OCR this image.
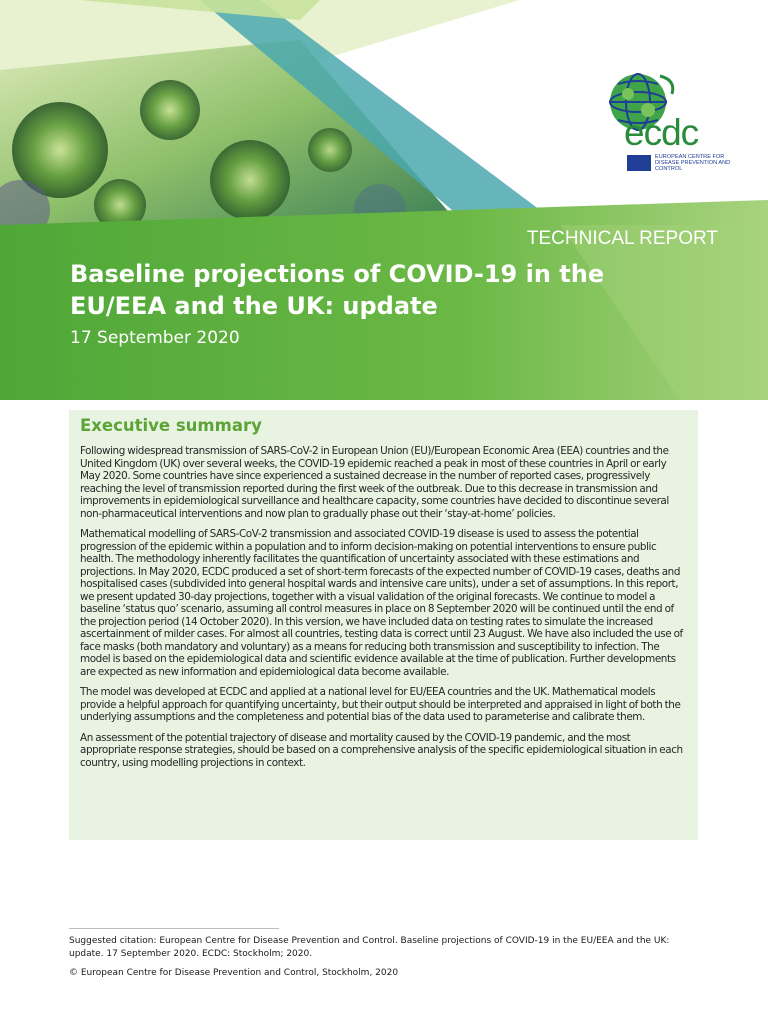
ecdc
EUROPEAN CENTRE FOR DISEASE PREVENTION AND CONTROL
TECHNICAL REPORT
Baseline projections of COVID-19 in the EU/EEA and the UK: update
17 September 2020
Executive summary

Following widespread transmission of SARS-CoV-2 in European Union (EU)/European Economic Area (EEA) countries and the United Kingdom (UK) over several weeks, the COVID-19 epidemic reached a peak in most of these countries in April or early May 2020. Some countries have since experienced a sustained decrease in the number of reported cases, progressively reaching the level of transmission reported during the first week of the outbreak. Due to this decrease in transmission and improvements in epidemiological surveillance and healthcare capacity, some countries have decided to discontinue several non-pharmaceutical interventions and now plan to gradually phase out their ‘stay-at-home’ policies.

Mathematical modelling of SARS-CoV-2 transmission and associated COVID-19 disease is used to assess the potential progression of the epidemic within a population and to inform decision-making on potential interventions to ensure public health. The methodology inherently facilitates the quantification of uncertainty associated with these estimations and projections. In May 2020, ECDC produced a set of short-term forecasts of the expected number of COVID-19 cases, deaths and hospitalised cases (subdivided into general hospital wards and intensive care units), under a set of assumptions. In this report, we present updated 30-day projections, together with a visual validation of the original forecasts. We continue to model a baseline ‘status quo’ scenario, assuming all control measures in place on 8 September 2020 will be continued until the end of the projection period (14 October 2020). In this version, we have included data on testing rates to simulate the increased ascertainment of milder cases. For almost all countries, testing data is correct until 23 August. We have also included the use of face masks (both mandatory and voluntary) as a means for reducing both transmission and susceptibility to infection. The model is based on the epidemiological data and scientific evidence available at the time of publication. Further developments are expected as new information and epidemiological data become available.

The model was developed at ECDC and applied at a national level for EU/EEA countries and the UK. Mathematical models provide a helpful approach for quantifying uncertainty, but their output should be interpreted and appraised in light of both the underlying assumptions and the completeness and potential bias of the data used to parameterise and calibrate them.

An assessment of the potential trajectory of disease and mortality caused by the COVID-19 pandemic, and the most appropriate response strategies, should be based on a comprehensive analysis of the specific epidemiological situation in each country, using modelling projections in context.

Suggested citation: European Centre for Disease Prevention and Control. Baseline projections of COVID-19 in the EU/EEA and the UK: update. 17 September 2020. ECDC: Stockholm; 2020.

© European Centre for Disease Prevention and Control, Stockholm, 2020
